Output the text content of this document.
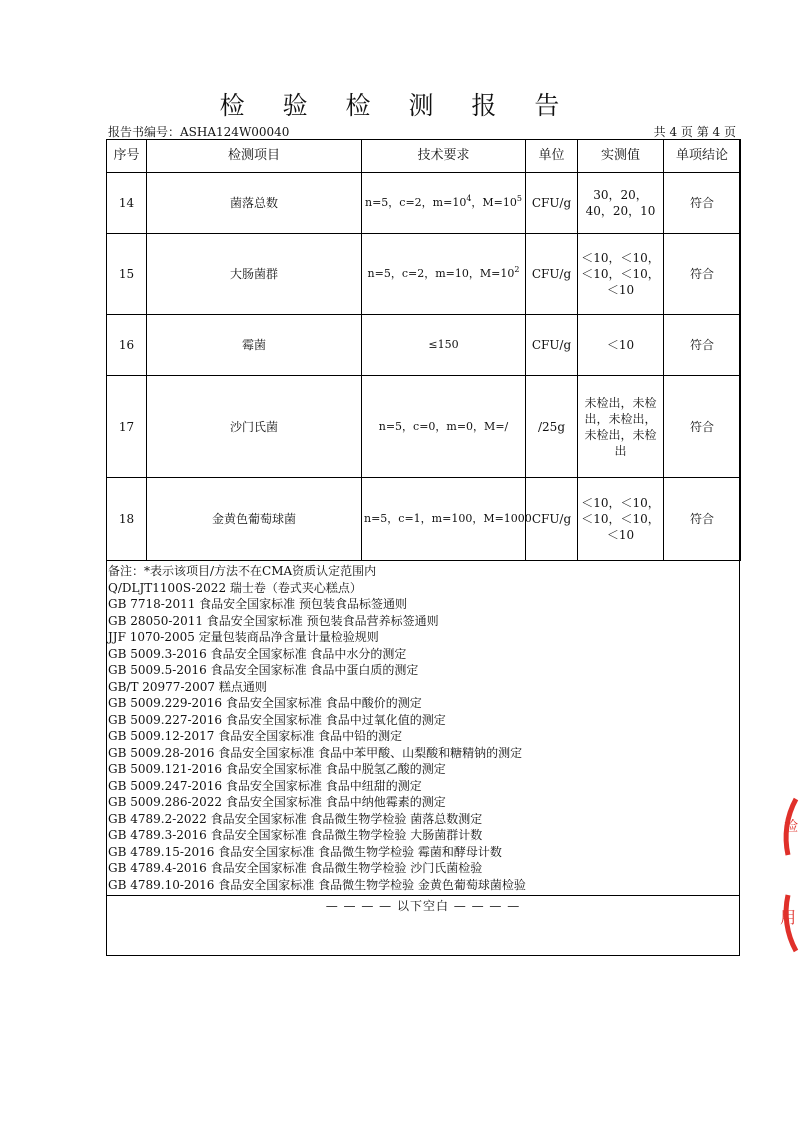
检 验 检 测 报 告
报告书编号：ASHA124W00040	共 4 页 第 4 页
序号	检测项目	技术要求	单位	实测值	单项结论
14	菌落总数	n=5，c=2，$m=10^4$，$M=10^5$	CFU/g	30，20，40，20，10	符合
15	大肠菌群	n=5，c=2，m=10，$M=10^2$	CFU/g	＜10，＜10，＜10，＜10，＜10	符合
16	霉菌	≤150	CFU/g	＜10	符合
17	沙门氏菌	n=5，c=0，m=0，M=/	/25g	未检出，未检出，未检出，未检出，未检出	符合
18	金黄色葡萄球菌	n=5，c=1，m=100，M=1000	CFU/g	＜10，＜10，＜10，＜10，＜10	符合
备注：*表示该项目/方法不在CMA资质认定范围内
Q/DLJT1100S-2022 瑞士卷（卷式夹心糕点）
GB 7718-2011 食品安全国家标准 预包装食品标签通则
GB 28050-2011 食品安全国家标准 预包装食品营养标签通则
JJF 1070-2005 定量包装商品净含量计量检验规则
GB 5009.3-2016 食品安全国家标准 食品中水分的测定
GB 5009.5-2016 食品安全国家标准 食品中蛋白质的测定
GB/T 20977-2007 糕点通则
GB 5009.229-2016 食品安全国家标准 食品中酸价的测定
GB 5009.227-2016 食品安全国家标准 食品中过氧化值的测定
GB 5009.12-2017 食品安全国家标准 食品中铅的测定
GB 5009.28-2016 食品安全国家标准 食品中苯甲酸、山梨酸和糖精钠的测定
GB 5009.121-2016 食品安全国家标准 食品中脱氢乙酸的测定
GB 5009.247-2016 食品安全国家标准 食品中纽甜的测定
GB 5009.286-2022 食品安全国家标准 食品中纳他霉素的测定
GB 4789.2-2022 食品安全国家标准 食品微生物学检验 菌落总数测定
GB 4789.3-2016 食品安全国家标准 食品微生物学检验 大肠菌群计数
GB 4789.15-2016 食品安全国家标准 食品微生物学检验 霉菌和酵母计数
GB 4789.4-2016 食品安全国家标准 食品微生物学检验 沙门氏菌检验
GB 4789.10-2016 食品安全国家标准 食品微生物学检验 金黄色葡萄球菌检验
— — — — 以下空白 — — — —
检
用
